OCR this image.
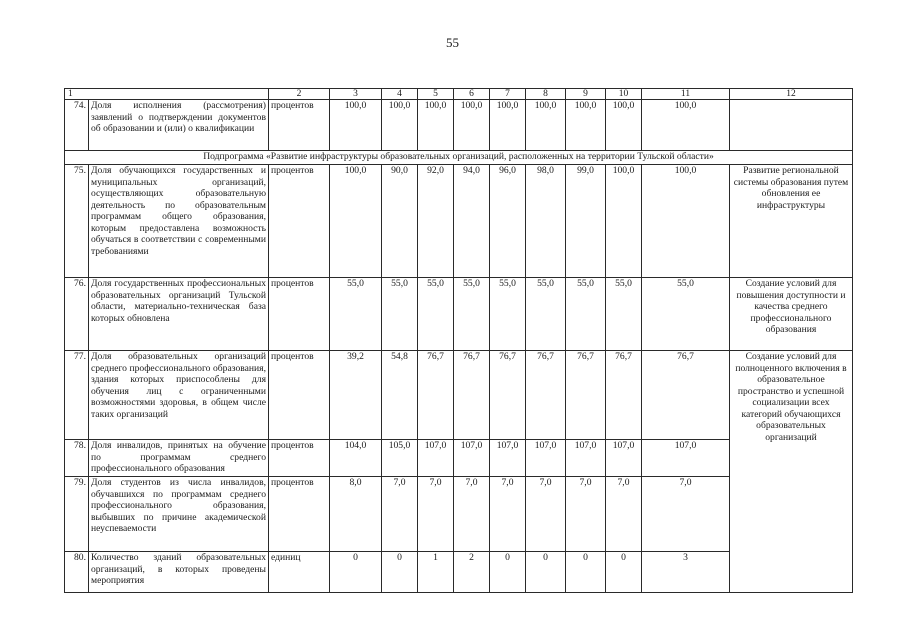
55
1		2	3	4	5	6	7	8	9	10	11	12
74.	Доля исполнения (рассмотрения) заявлений о подтверждении документов об образовании и (или) о квалификации	процентов	100,0	100,0	100,0	100,0	100,0	100,0	100,0	100,0	100,0	
Подпрограмма «Развитие инфраструктуры образовательных организаций, расположенных на территории Тульской области»												
75.	Доля обучающихся государственных и муниципальных организаций, осуществляющих образовательную деятельность по образовательным программам общего образования, которым предоставлена возможность обучаться в соответствии с современными требованиями	процентов	100,0	90,0	92,0	94,0	96,0	98,0	99,0	100,0	100,0	Развитие региональной системы образования путем обновления ее инфраструктуры
76.	Доля государственных профессиональных образовательных организаций Тульской области, материально-техническая база которых обновлена	процентов	55,0	55,0	55,0	55,0	55,0	55,0	55,0	55,0	55,0	Создание условий для повышения доступности и качества среднего профессионального образования
77.	Доля образовательных организаций среднего профессионального образования, здания которых приспособлены для обучения лиц с ограниченными возможностями здоровья, в общем числе таких организаций	процентов	39,2	54,8	76,7	76,7	76,7	76,7	76,7	76,7	76,7	Создание условий для полноценного включения в образовательное пространство и успешной социализации всех категорий обучающихся образовательных организаций
78.	Доля инвалидов, принятых на обучение по программам среднего профессионального образования	процентов	104,0	105,0	107,0	107,0	107,0	107,0	107,0	107,0	107,0	
79.	Доля студентов из числа инвалидов, обучавшихся по программам среднего профессионального образования, выбывших по причине академической неуспеваемости	процентов	8,0	7,0	7,0	7,0	7,0	7,0	7,0	7,0	7,0	
80.	Количество зданий образовательных организаций, в которых проведены мероприятия	единиц	0	0	1	2	0	0	0	0	3	
